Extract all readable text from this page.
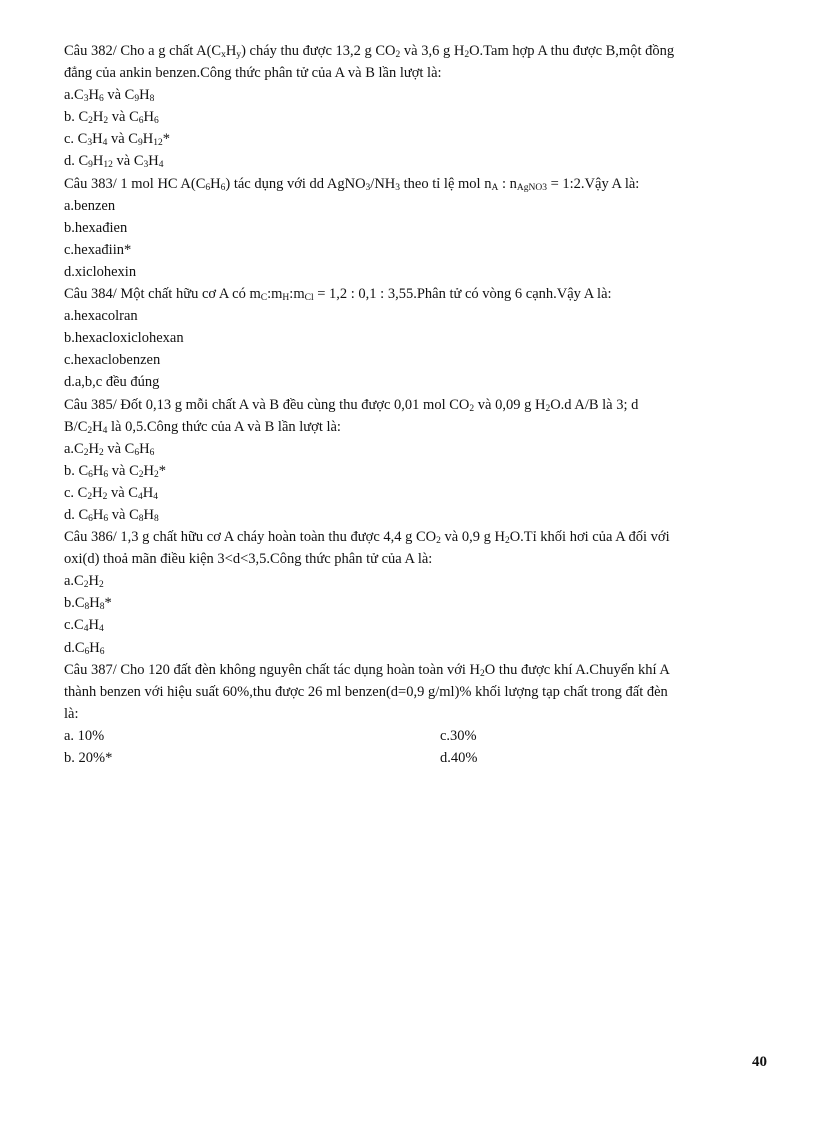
Câu 382/ Cho a g chất $A(C_xH_y)$ cháy thu được 13,2 g $CO_2$ và 3,6 g $H_2O.Tam$ hợp A thu được B,một đồng
đẳng của ankin benzen.Công thức phân tử của A và B lần lượt là:
$a.C_3H_6$ và $C_9H_8$
b. $C_2H_2$ và $C_6H_6$
c. $C_3H_4$ và $C_9H_{12}*$
d. $C_9H_{12}$ và $C_3H_4$
Câu 383/ 1 mol HC $A(C_6H_6)$ tác dụng với dd $AgNO_3/NH_3$ theo tỉ lệ mol $n_A$ : $n_{AgNO3}$ = 1:2.Vậy A là:
a.benzen
b.hexađien
c.hexađiin*
d.xiclohexin
Câu 384/ Một chất hữu cơ A có $m_C:m_H:m_{Cl} = 1,2$ : 0,1 : 3,55.Phân tử có vòng 6 cạnh.Vậy A là:
a.hexacolran
b.hexacloxiclohexan
c.hexaclobenzen
d.a,b,c đều đúng
Câu 385/ Đốt 0,13 g mỗi chất A và B đều cùng thu được 0,01 mol $CO_2$ và 0,09 g $H_2O.d$ A/B là 3; d
$B/C_2H_4$ là 0,5.Công thức của A và B lần lượt là:
$a.C_2H_2$ và $C_6H_6$
b. $C_6H_6$ và $C_2H_2*$
c. $C_2H_2$ và $C_4H_4$
d. $C_6H_6$ và $C_8H_8$
Câu 386/ 1,3 g chất hữu cơ A cháy hoàn toàn thu được 4,4 g $CO_2$ và 0,9 g $H_2O.Tỉ$ khối hơi của A đối với
oxi(d) thoả mãn điều kiện 3<d<3,5.Công thức phân tử của A là:
$a.C_2H_2$
$b.C_8H_8*$
$c.C_4H_4$
$d.C_6H_6$
Câu 387/ Cho 120 đất đèn không nguyên chất tác dụng hoàn toàn với $H_2O$ thu được khí A.Chuyển khí A
thành benzen với hiệu suất 60%,thu được 26 ml benzen(d=0,9 g/ml)% khối lượng tạp chất trong đất đèn
là:
a. 10%	c.30%
b. 20%*	d.40%
40
